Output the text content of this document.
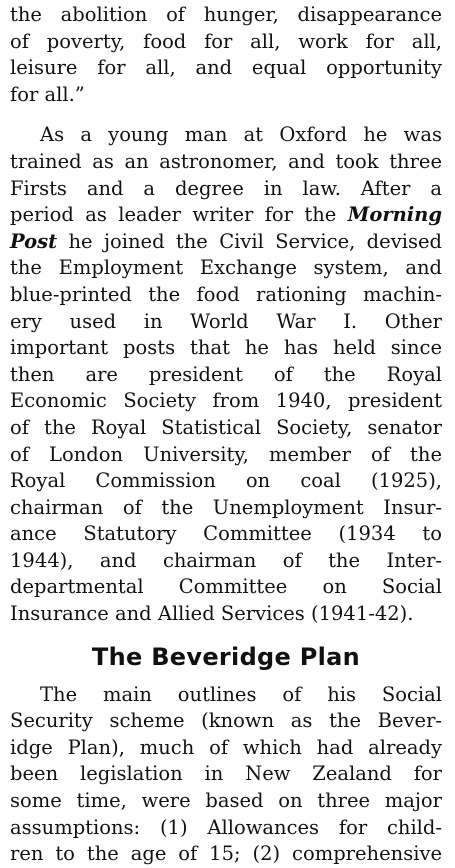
the abolition of hunger, disappearance
of poverty, food for all, work for all,
leisure for all, and equal opportunity
for all.”
As a young man at Oxford he was
trained as an astronomer, and took three
Firsts and a degree in law. After a
period as leader writer for the Morning
Post he joined the Civil Service, devised
the Employment Exchange system, and
blue-printed the food rationing machin-
ery used in World War I. Other
important posts that he has held since
then are president of the Royal
Economic Society from 1940, president
of the Royal Statistical Society, senator
of London University, member of the
Royal Commission on coal (1925),
chairman of the Unemployment Insur-
ance Statutory Committee (1934 to
1944), and chairman of the Inter-
departmental Committee on Social
Insurance and Allied Services (1941-42).
The Beveridge Plan
The main outlines of his Social
Security scheme (known as the Bever-
idge Plan), much of which had already
been legislation in New Zealand for
some time, were based on three major
assumptions: (1) Allowances for child-
ren to the age of 15; (2) comprehensive
